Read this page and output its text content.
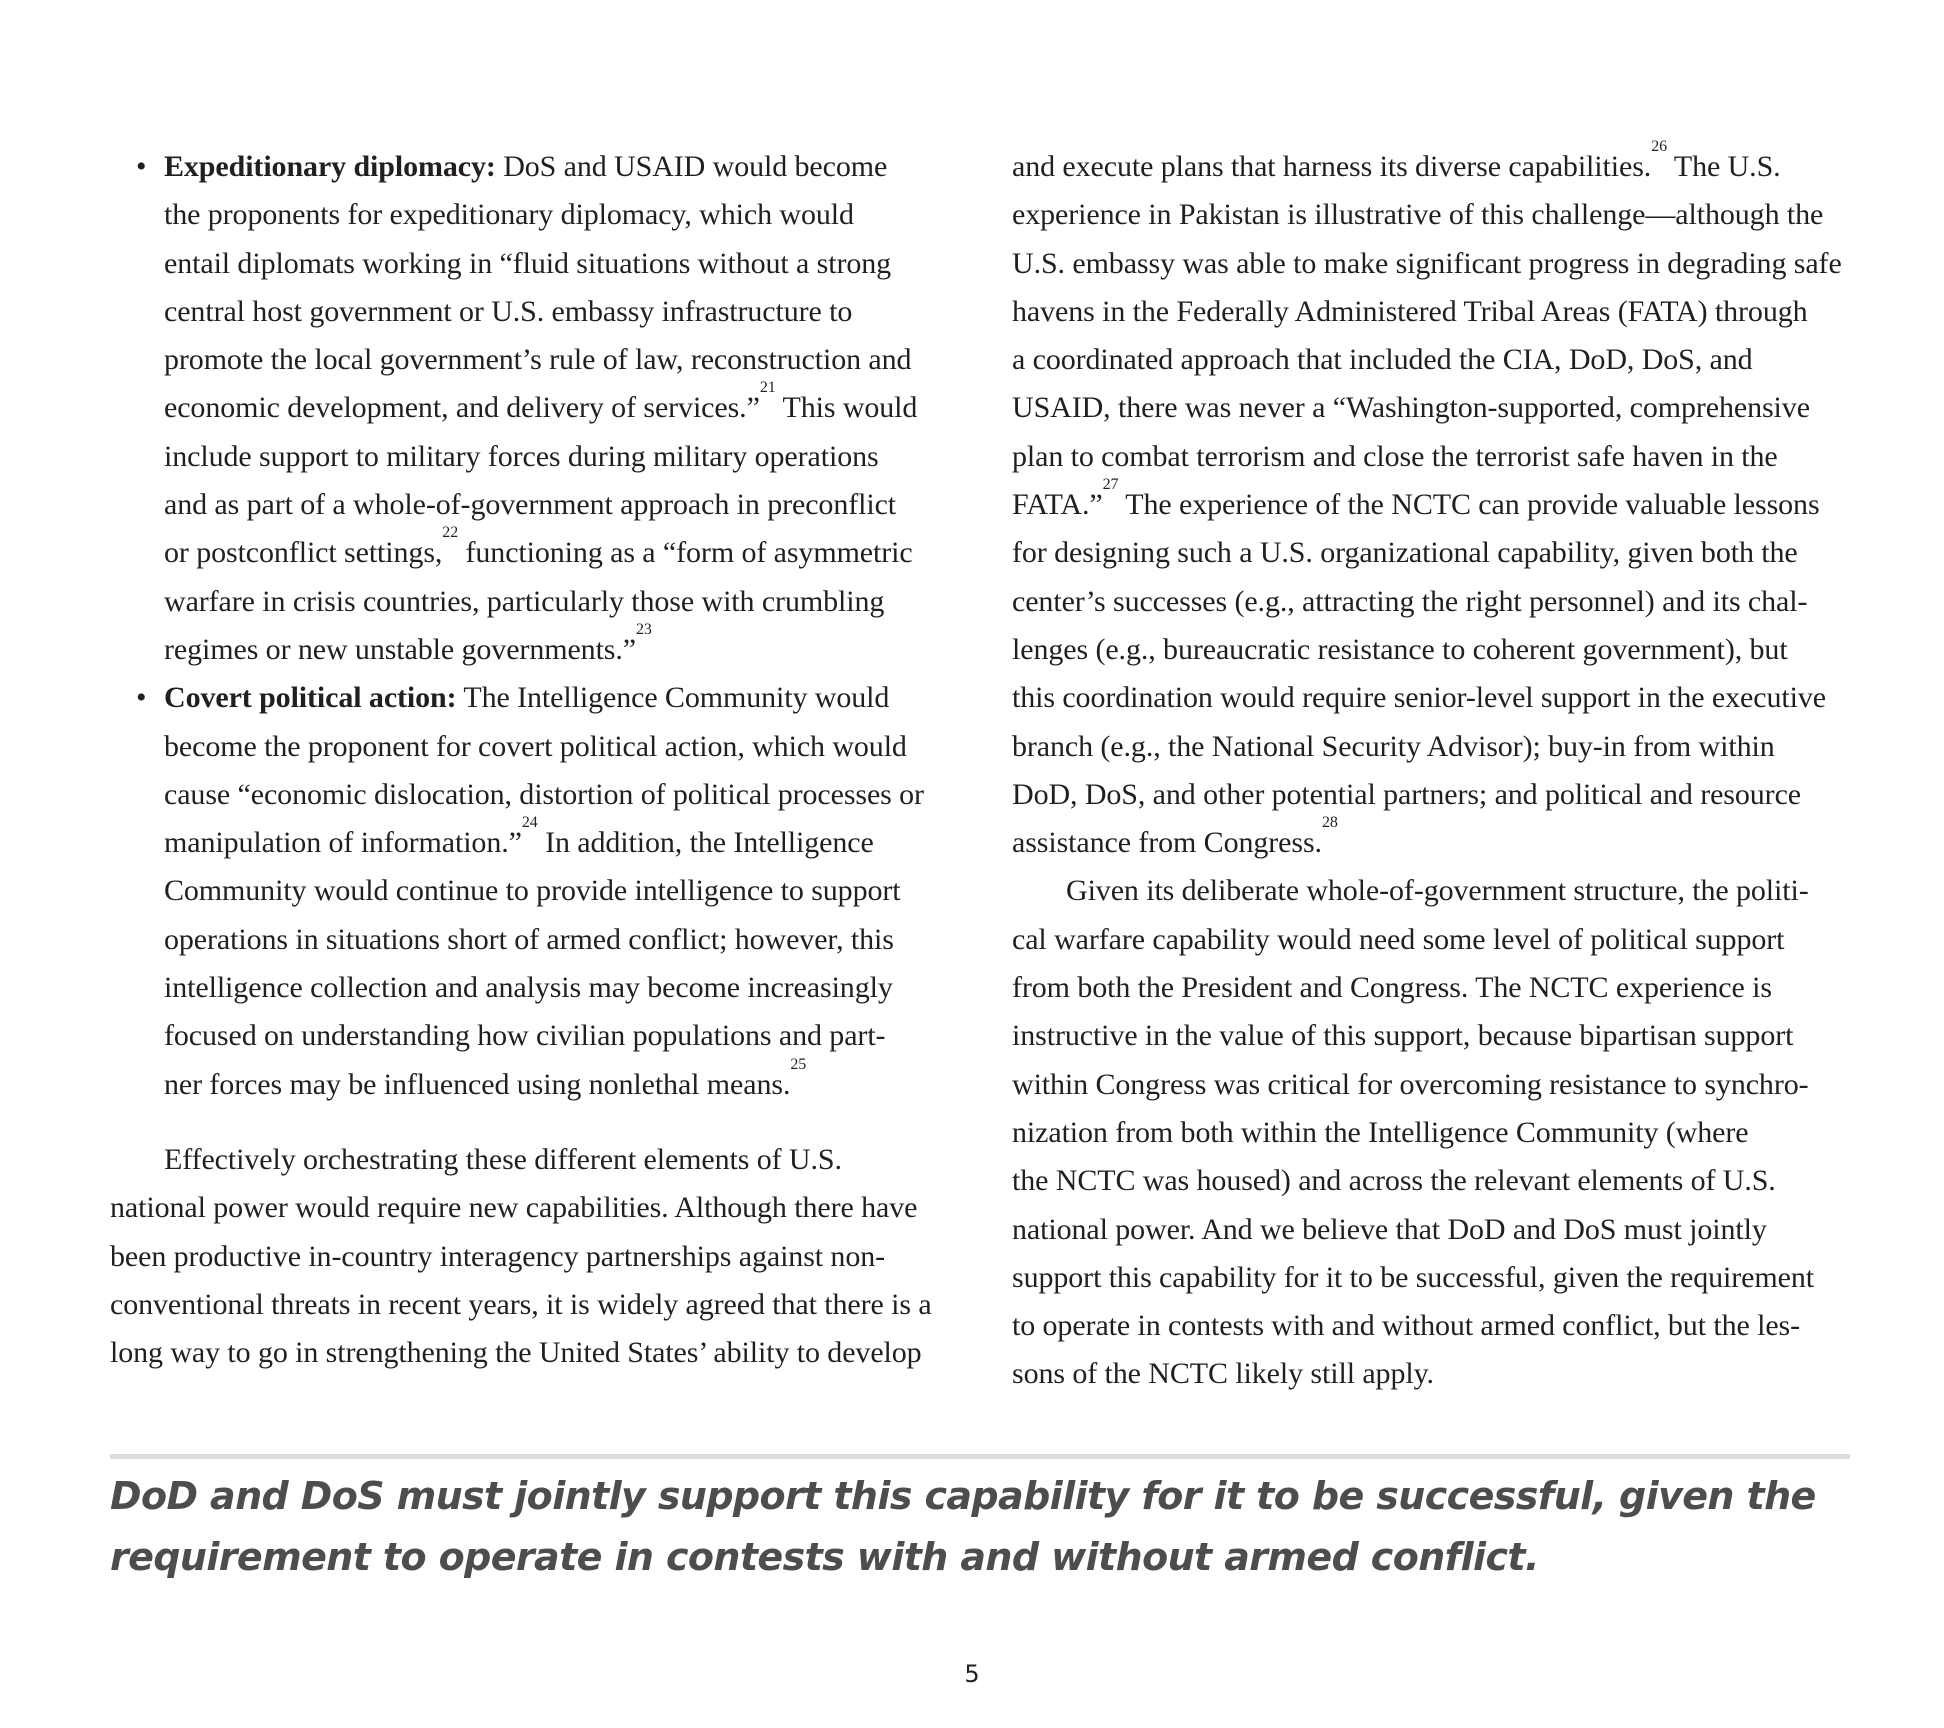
• Expeditionary diplomacy: DoS and USAID would become

the proponents for expeditionary diplomacy, which would

entail diplomats working in “fluid situations without a strong

central host government or U.S. embassy infrastructure to

promote the local government’s rule of law, reconstruction and

economic development, and delivery of services.”$^{21}$ This would

include support to military forces during military operations

and as part of a whole-of-government approach in preconflict

or postconflict settings,$^{22}$ functioning as a “form of asymmetric

warfare in crisis countries, particularly those with crumbling

regimes or new unstable governments.”$^{23}$

• Covert political action: The Intelligence Community would

become the proponent for covert political action, which would

cause “economic dislocation, distortion of political processes or

manipulation of information.”$^{24}$ In addition, the Intelligence

Community would continue to provide intelligence to support

operations in situations short of armed conflict; however, this

intelligence collection and analysis may become increasingly

focused on understanding how civilian populations and part-

ner forces may be influenced using nonlethal means.$^{25}$

Effectively orchestrating these different elements of U.S.

national power would require new capabilities. Although there have

been productive in-country interagency partnerships against non-

conventional threats in recent years, it is widely agreed that there is a

long way to go in strengthening the United States’ ability to develop

and execute plans that harness its diverse capabilities.$^{26}$ The U.S.

experience in Pakistan is illustrative of this challenge—although the

U.S. embassy was able to make significant progress in degrading safe

havens in the Federally Administered Tribal Areas (FATA) through

a coordinated approach that included the CIA, DoD, DoS, and

USAID, there was never a “Washington-supported, comprehensive

plan to combat terrorism and close the terrorist safe haven in the

FATA.”$^{27}$ The experience of the NCTC can provide valuable lessons

for designing such a U.S. organizational capability, given both the

center’s successes (e.g., attracting the right personnel) and its chal-

lenges (e.g., bureaucratic resistance to coherent government), but

this coordination would require senior-level support in the executive

branch (e.g., the National Security Advisor); buy-in from within

DoD, DoS, and other potential partners; and political and resource

assistance from Congress.$^{28}$

Given its deliberate whole-of-government structure, the politi-

cal warfare capability would need some level of political support

from both the President and Congress. The NCTC experience is

instructive in the value of this support, because bipartisan support

within Congress was critical for overcoming resistance to synchro-

nization from both within the Intelligence Community (where

the NCTC was housed) and across the relevant elements of U.S.

national power. And we believe that DoD and DoS must jointly

support this capability for it to be successful, given the requirement

to operate in contests with and without armed conflict, but the les-

sons of the NCTC likely still apply.

DoD and DoS must jointly support this capability for it to be successful, given the
requirement to operate in contests with and without armed conflict.
5
